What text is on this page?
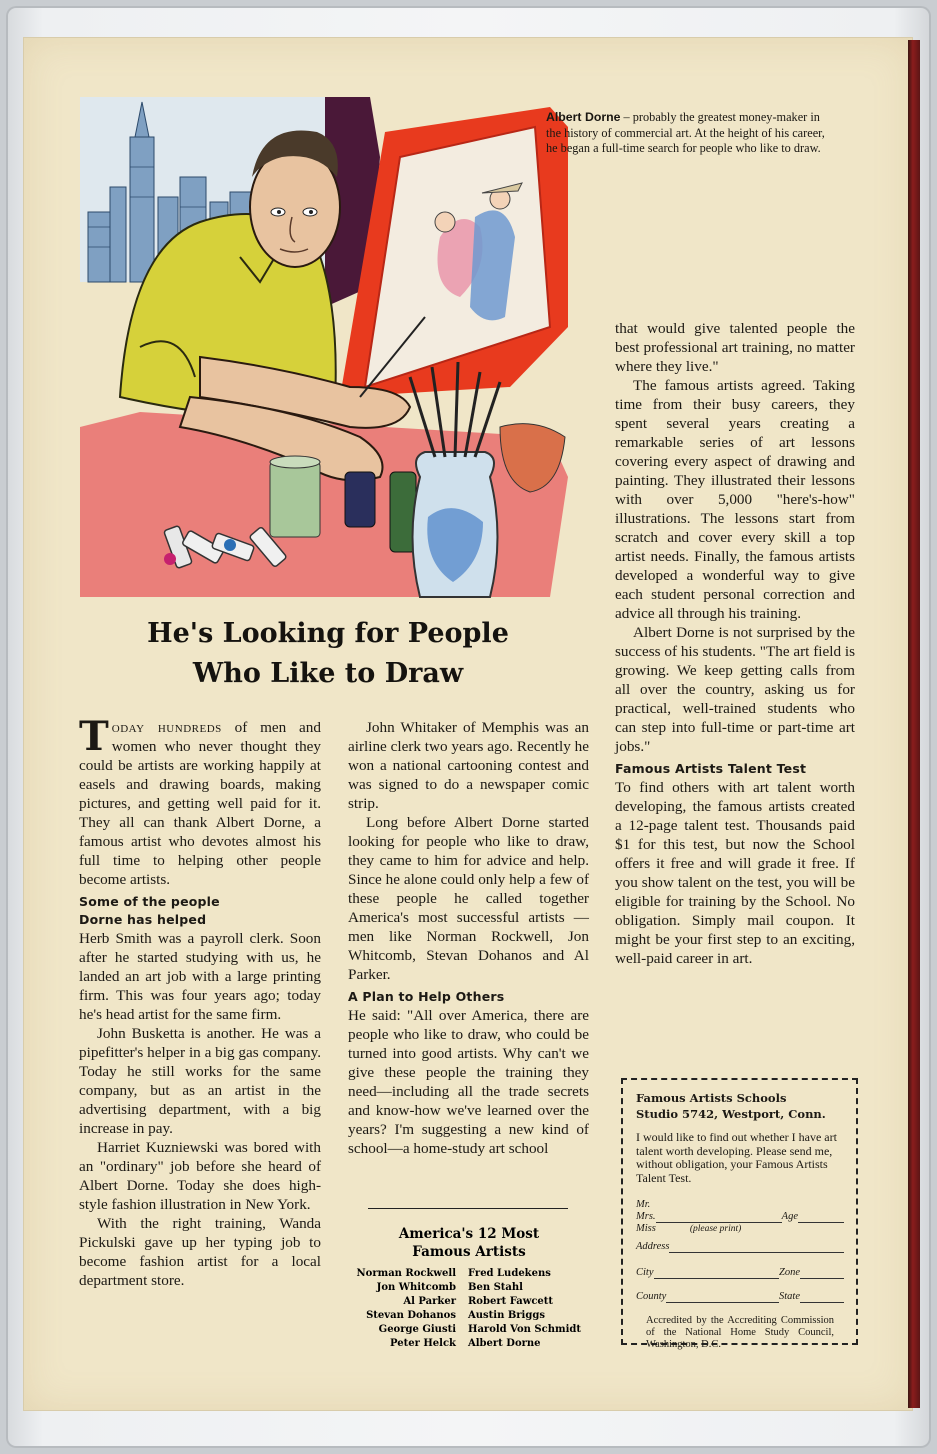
Albert Dorne – probably the greatest money-maker in the history of commercial art. At the height of his career, he began a full-time search for people who like to draw.
He's Looking for People
Who Like to Draw

Today hundreds of men and women who never thought they could be artists are working happily at easels and drawing boards, making pictures, and getting well paid for it. They all can thank Albert Dorne, a famous artist who devotes almost his full time to helping other people become artists.

Some of the people
Dorne has helped

Herb Smith was a payroll clerk. Soon after he started studying with us, he landed an art job with a large printing firm. This was four years ago; today he's head artist for the same firm.

John Busketta is another. He was a pipefitter's helper in a big gas company. Today he still works for the same company, but as an artist in the advertising department, with a big increase in pay.

Harriet Kuzniewski was bored with an "ordinary" job before she heard of Albert Dorne. Today she does high-style fashion illustration in New York.

With the right training, Wanda Pickulski gave up her typing job to become fashion artist for a local department store.

John Whitaker of Memphis was an airline clerk two years ago. Recently he won a national cartooning contest and was signed to do a newspaper comic strip.

Long before Albert Dorne started looking for people who like to draw, they came to him for advice and help. Since he alone could only help a few of these people he called together America's most successful artists —men like Norman Rockwell, Jon Whitcomb, Stevan Dohanos and Al Parker.

A Plan to Help Others

He said: "All over America, there are people who like to draw, who could be turned into good artists. Why can't we give these people the training they need—including all the trade secrets and know-how we've learned over the years? I'm suggesting a new kind of school—a home-study art school

America's 12 Most
Famous Artists
Norman Rockwell	Fred Ludekens
Jon Whitcomb	Ben Stahl
Al Parker	Robert Fawcett
Stevan Dohanos	Austin Briggs
George Giusti	Harold Von Schmidt
Peter Helck	Albert Dorne

that would give talented people the best professional art training, no matter where they live."

The famous artists agreed. Taking time from their busy careers, they spent several years creating a remarkable series of art lessons covering every aspect of drawing and painting. They illustrated their lessons with over 5,000 "here's-how" illustrations. The lessons start from scratch and cover every skill a top artist needs. Finally, the famous artists developed a wonderful way to give each student personal correction and advice all through his training.

Albert Dorne is not surprised by the success of his students. "The art field is growing. We keep getting calls from all over the country, asking us for practical, well-trained students who can step into full-time or part-time art jobs."

Famous Artists Talent Test

To find others with art talent worth developing, the famous artists created a 12-page talent test. Thousands paid $1 for this test, but now the School offers it free and will grade it free. If you show talent on the test, you will be eligible for training by the School. No obligation. Simply mail coupon. It might be your first step to an exciting, well-paid career in art.

Famous Artists Schools
Studio 5742, Westport, Conn.
I would like to find out whether I have art talent worth developing. Please send me, without obligation, your Famous Artists Talent Test.
Mr.
Mrs.	Age
Miss	(please print)
Address
City	Zone
County	State
Accredited by the Accrediting Commission of the National Home Study Council, Washington, D.C.
